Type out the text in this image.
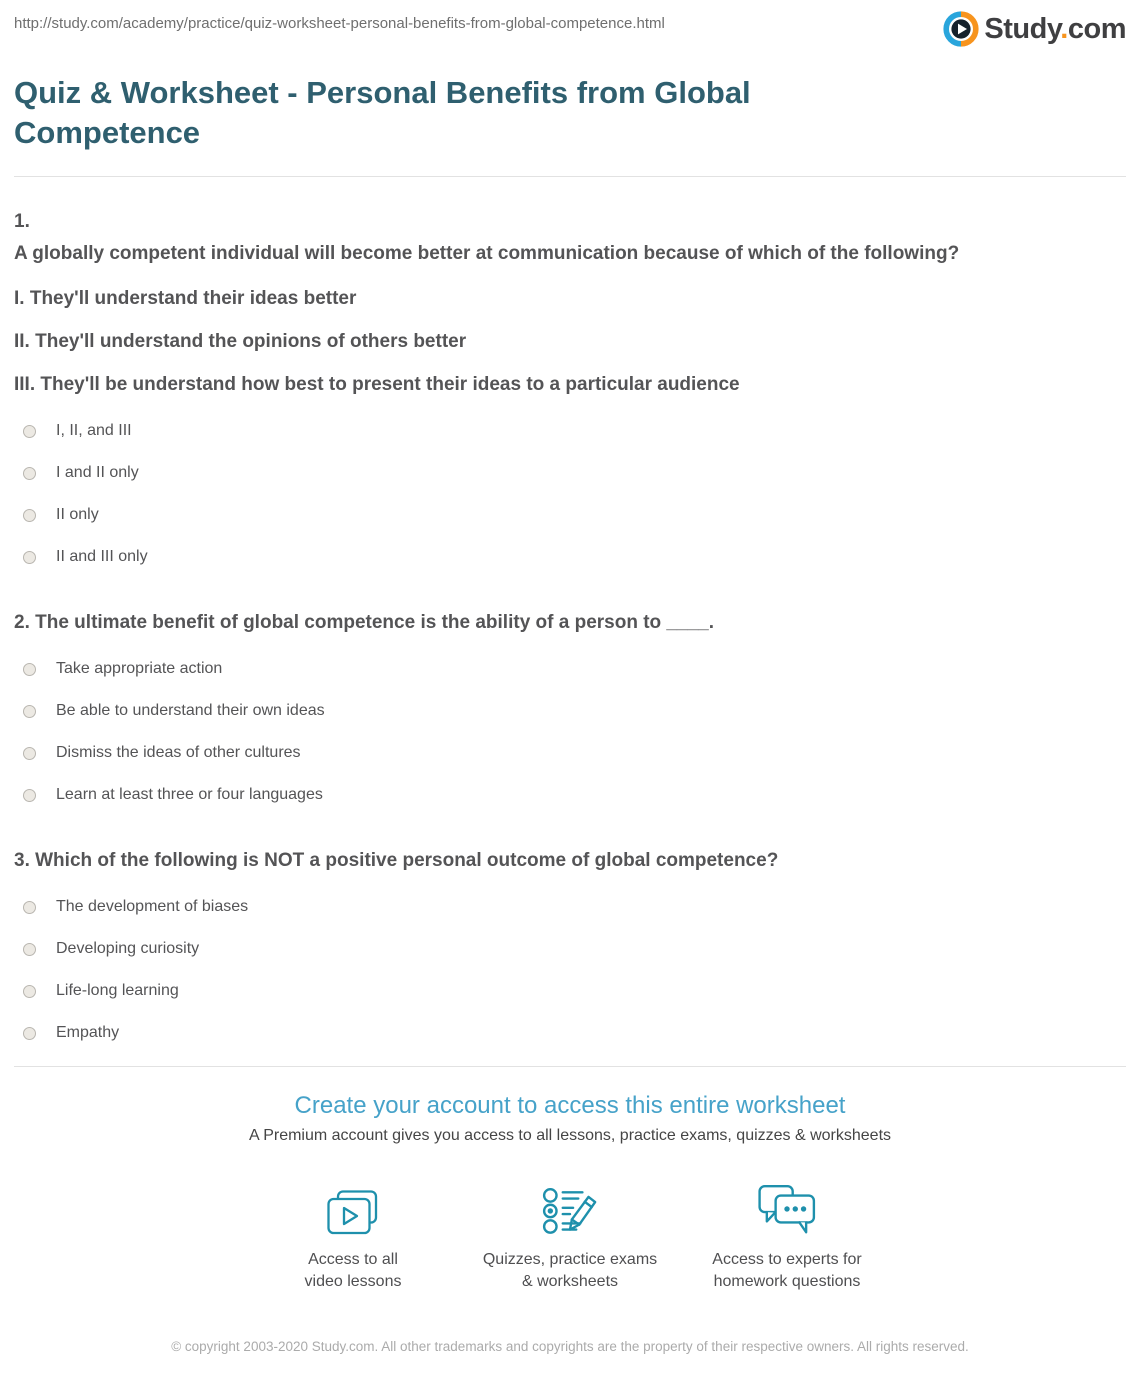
http://study.com/academy/practice/quiz-worksheet-personal-benefits-from-global-competence.html	Study.com
Quiz & Worksheet - Personal Benefits from Global
Competence
1.
A globally competent individual will become better at communication because of which of the following?
I. They'll understand their ideas better
II. They'll understand the opinions of others better
III. They'll be understand how best to present their ideas to a particular audience
I, II, and III
I and II only
II only
II and III only
2. The ultimate benefit of global competence is the ability of a person to ____.
Take appropriate action
Be able to understand their own ideas
Dismiss the ideas of other cultures
Learn at least three or four languages
3. Which of the following is NOT a positive personal outcome of global competence?
The development of biases
Developing curiosity
Life-long learning
Empathy
Create your account to access this entire worksheet
A Premium account gives you access to all lessons, practice exams, quizzes & worksheets
Access to all
video lessons
Quizzes, practice exams
& worksheets
Access to experts for
homework questions
© copyright 2003-2020 Study.com. All other trademarks and copyrights are the property of their respective owners. All rights reserved.
